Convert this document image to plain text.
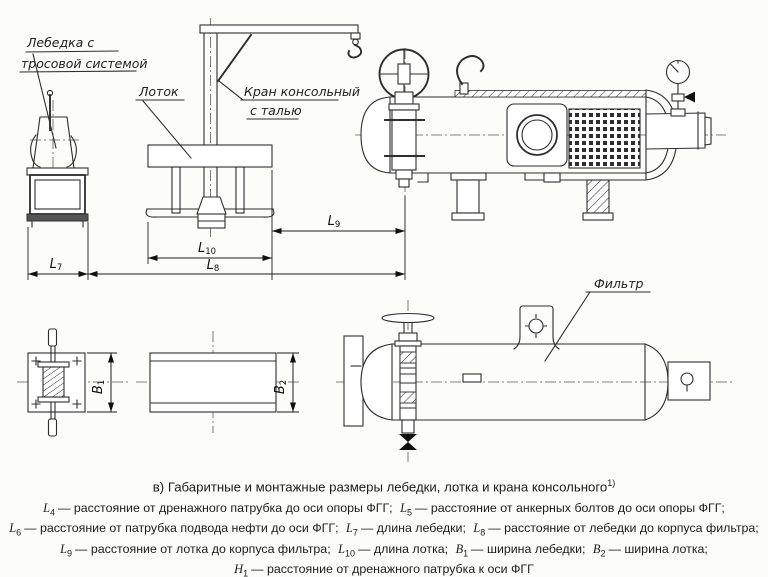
Лебедка с
тросовой системой
Кран консольный
с талью
Лоток
L7	L8
L10
L9
B1
B2
Фильтр
в) Габаритные и монтажные размеры лебедки, лотка и крана консольного$^{1)}$
$L_4$ — расстояние от дренажного патрубка до оси опоры ФГГ; $L_5$ — расстояние от анкерных болтов до оси опоры ФГГ;
$L_6$ — расстояние от патрубка подвода нефти до оси ФГГ; $L_7$ — длина лебедки; $L_8$ — расстояние от лебедки до корпуса фильтра;
$L_9$ — расстояние от лотка до корпуса фильтра; $L_{10}$ — длина лотка; $B_1$ — ширина лебедки; $B_2$ — ширина лотка;
$H_1$ — расстояние от дренажного патрубка к оси ФГГ
